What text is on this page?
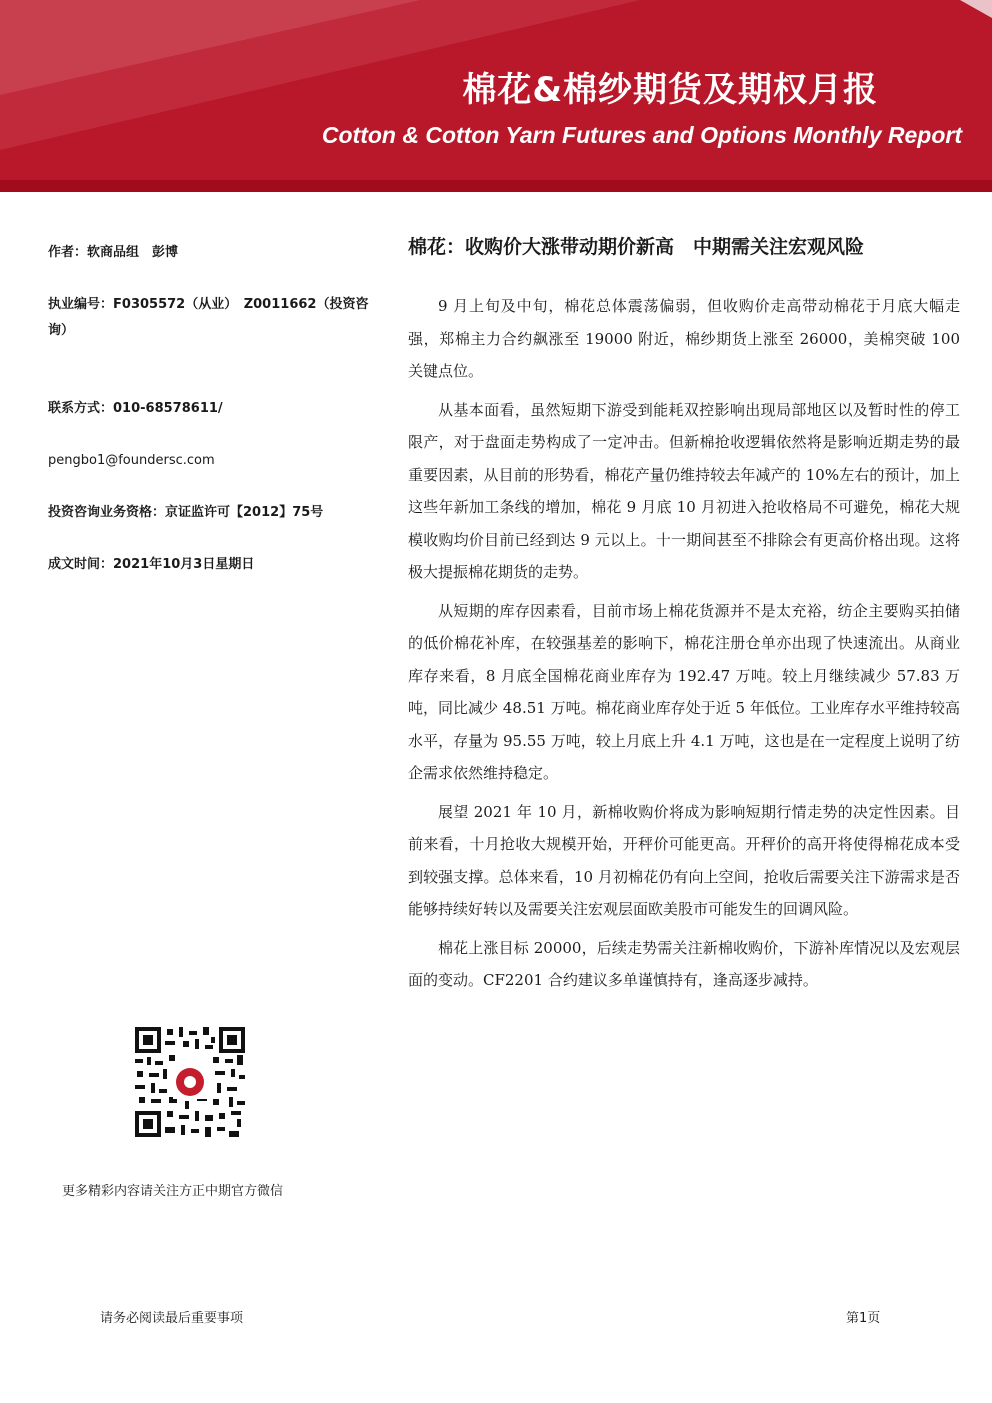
棉花&棉纱期货及期权月报
Cotton & Cotton Yarn Futures and Options Monthly Report
作者：软商品组　彭博
执业编号：F0305572（从业）　Z0011662（投资咨询）
联系方式：010-68578611/
pengbo1@foundersc.com
投资咨询业务资格：京证监许可【2012】75号
成文时间：2021年10月3日星期日
更多精彩内容请关注方正中期官方微信
棉花：收购价大涨带动期价新高　中期需关注宏观风险

9 月上旬及中旬，棉花总体震荡偏弱，但收购价走高带动棉花于月底大幅走强，郑棉主力合约飙涨至 19000 附近，棉纱期货上涨至 26000，美棉突破 100 关键点位。

从基本面看，虽然短期下游受到能耗双控影响出现局部地区以及暂时性的停工限产，对于盘面走势构成了一定冲击。但新棉抢收逻辑依然将是影响近期走势的最重要因素，从目前的形势看，棉花产量仍维持较去年减产的 10%左右的预计，加上这些年新加工条线的增加，棉花 9 月底 10 月初进入抢收格局不可避免，棉花大规模收购均价目前已经到达 9 元以上。十一期间甚至不排除会有更高价格出现。这将极大提振棉花期货的走势。

从短期的库存因素看，目前市场上棉花货源并不是太充裕，纺企主要购买拍储的低价棉花补库，在较强基差的影响下，棉花注册仓单亦出现了快速流出。从商业库存来看，8 月底全国棉花商业库存为 192.47 万吨。较上月继续减少 57.83 万吨，同比减少 48.51 万吨。棉花商业库存处于近 5 年低位。工业库存水平维持较高水平，存量为 95.55 万吨，较上月底上升 4.1 万吨，这也是在一定程度上说明了纺企需求依然维持稳定。

展望 2021 年 10 月，新棉收购价将成为影响短期行情走势的决定性因素。目前来看，十月抢收大规模开始，开秤价可能更高。开秤价的高开将使得棉花成本受到较强支撑。总体来看，10 月初棉花仍有向上空间，抢收后需要关注下游需求是否能够持续好转以及需要关注宏观层面欧美股市可能发生的回调风险。

棉花上涨目标 20000，后续走势需关注新棉收购价，下游补库情况以及宏观层面的变动。CF2201 合约建议多单谨慎持有，逢高逐步减持。

请务必阅读最后重要事项	第1页
